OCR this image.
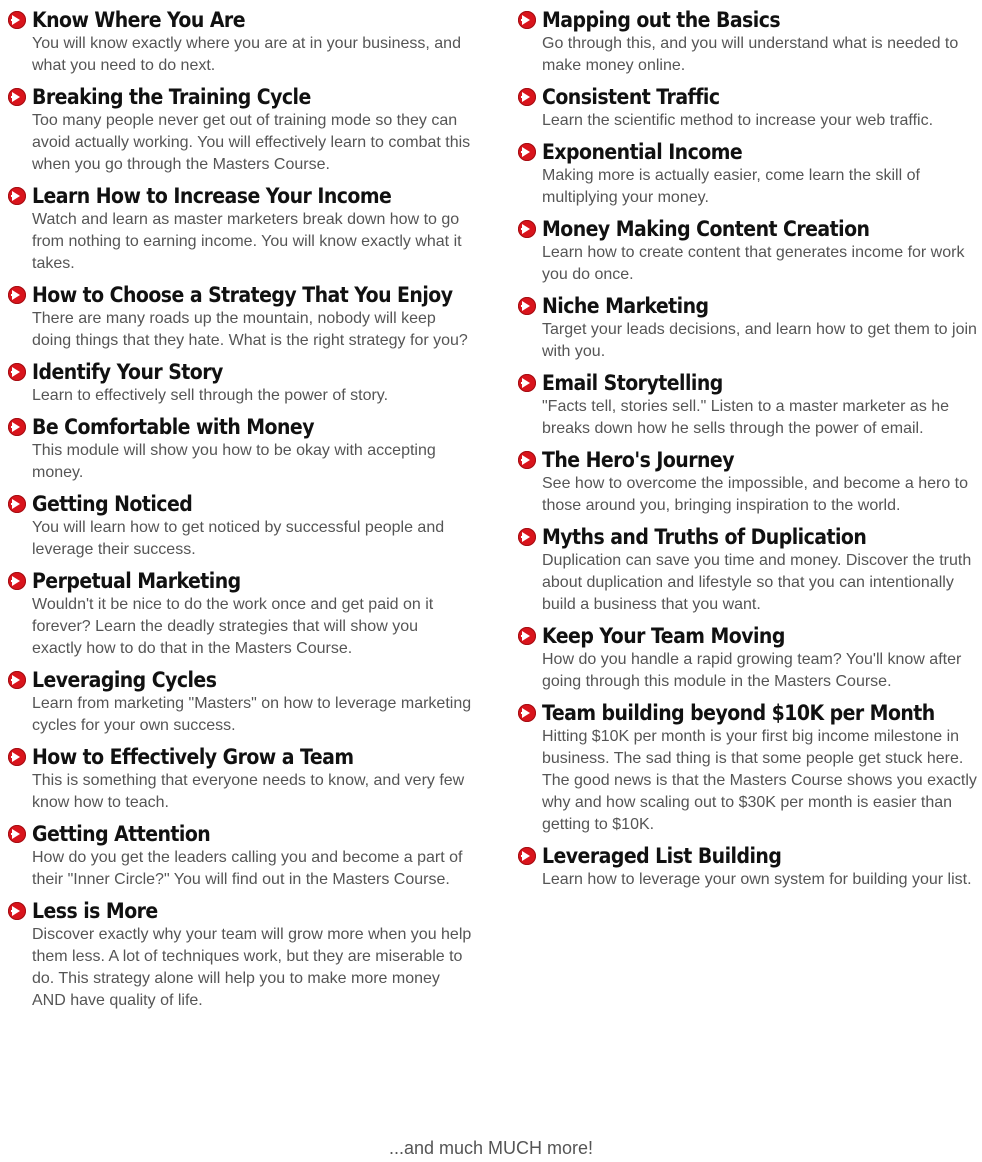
Know Where You Are
You will know exactly where you are at in your business, and what you need to do next.
Breaking the Training Cycle
Too many people never get out of training mode so they can avoid actually working. You will effectively learn to combat this when you go through the Masters Course.
Learn How to Increase Your Income
Watch and learn as master marketers break down how to go from nothing to earning income. You will know exactly what it takes.
How to Choose a Strategy That You Enjoy
There are many roads up the mountain, nobody will keep doing things that they hate. What is the right strategy for you?
Identify Your Story
Learn to effectively sell through the power of story.
Be Comfortable with Money
This module will show you how to be okay with accepting money.
Getting Noticed
You will learn how to get noticed by successful people and leverage their success.
Perpetual Marketing
Wouldn't it be nice to do the work once and get paid on it forever? Learn the deadly strategies that will show you exactly how to do that in the Masters Course.
Leveraging Cycles
Learn from marketing "Masters" on how to leverage marketing cycles for your own success.
How to Effectively Grow a Team
This is something that everyone needs to know, and very few know how to teach.
Getting Attention
How do you get the leaders calling you and become a part of their "Inner Circle?" You will find out in the Masters Course.
Less is More
Discover exactly why your team will grow more when you help them less. A lot of techniques work, but they are miserable to do. This strategy alone will help you to make more money AND have quality of life.
Mapping out the Basics
Go through this, and you will understand what is needed to make money online.
Consistent Traffic
Learn the scientific method to increase your web traffic.
Exponential Income
Making more is actually easier, come learn the skill of multiplying your money.
Money Making Content Creation
Learn how to create content that generates income for work you do once.
Niche Marketing
Target your leads decisions, and learn how to get them to join with you.
Email Storytelling
"Facts tell, stories sell." Listen to a master marketer as he breaks down how he sells through the power of email.
The Hero's Journey
See how to overcome the impossible, and become a hero to those around you, bringing inspiration to the world.
Myths and Truths of Duplication
Duplication can save you time and money. Discover the truth about duplication and lifestyle so that you can intentionally build a business that you want.
Keep Your Team Moving
How do you handle a rapid growing team? You'll know after going through this module in the Masters Course.
Team building beyond $10K per Month
Hitting $10K per month is your first big income milestone in business. The sad thing is that some people get stuck here. The good news is that the Masters Course shows you exactly why and how scaling out to $30K per month is easier than getting to $10K.
Leveraged List Building
Learn how to leverage your own system for building your list.
...and much MUCH more!
